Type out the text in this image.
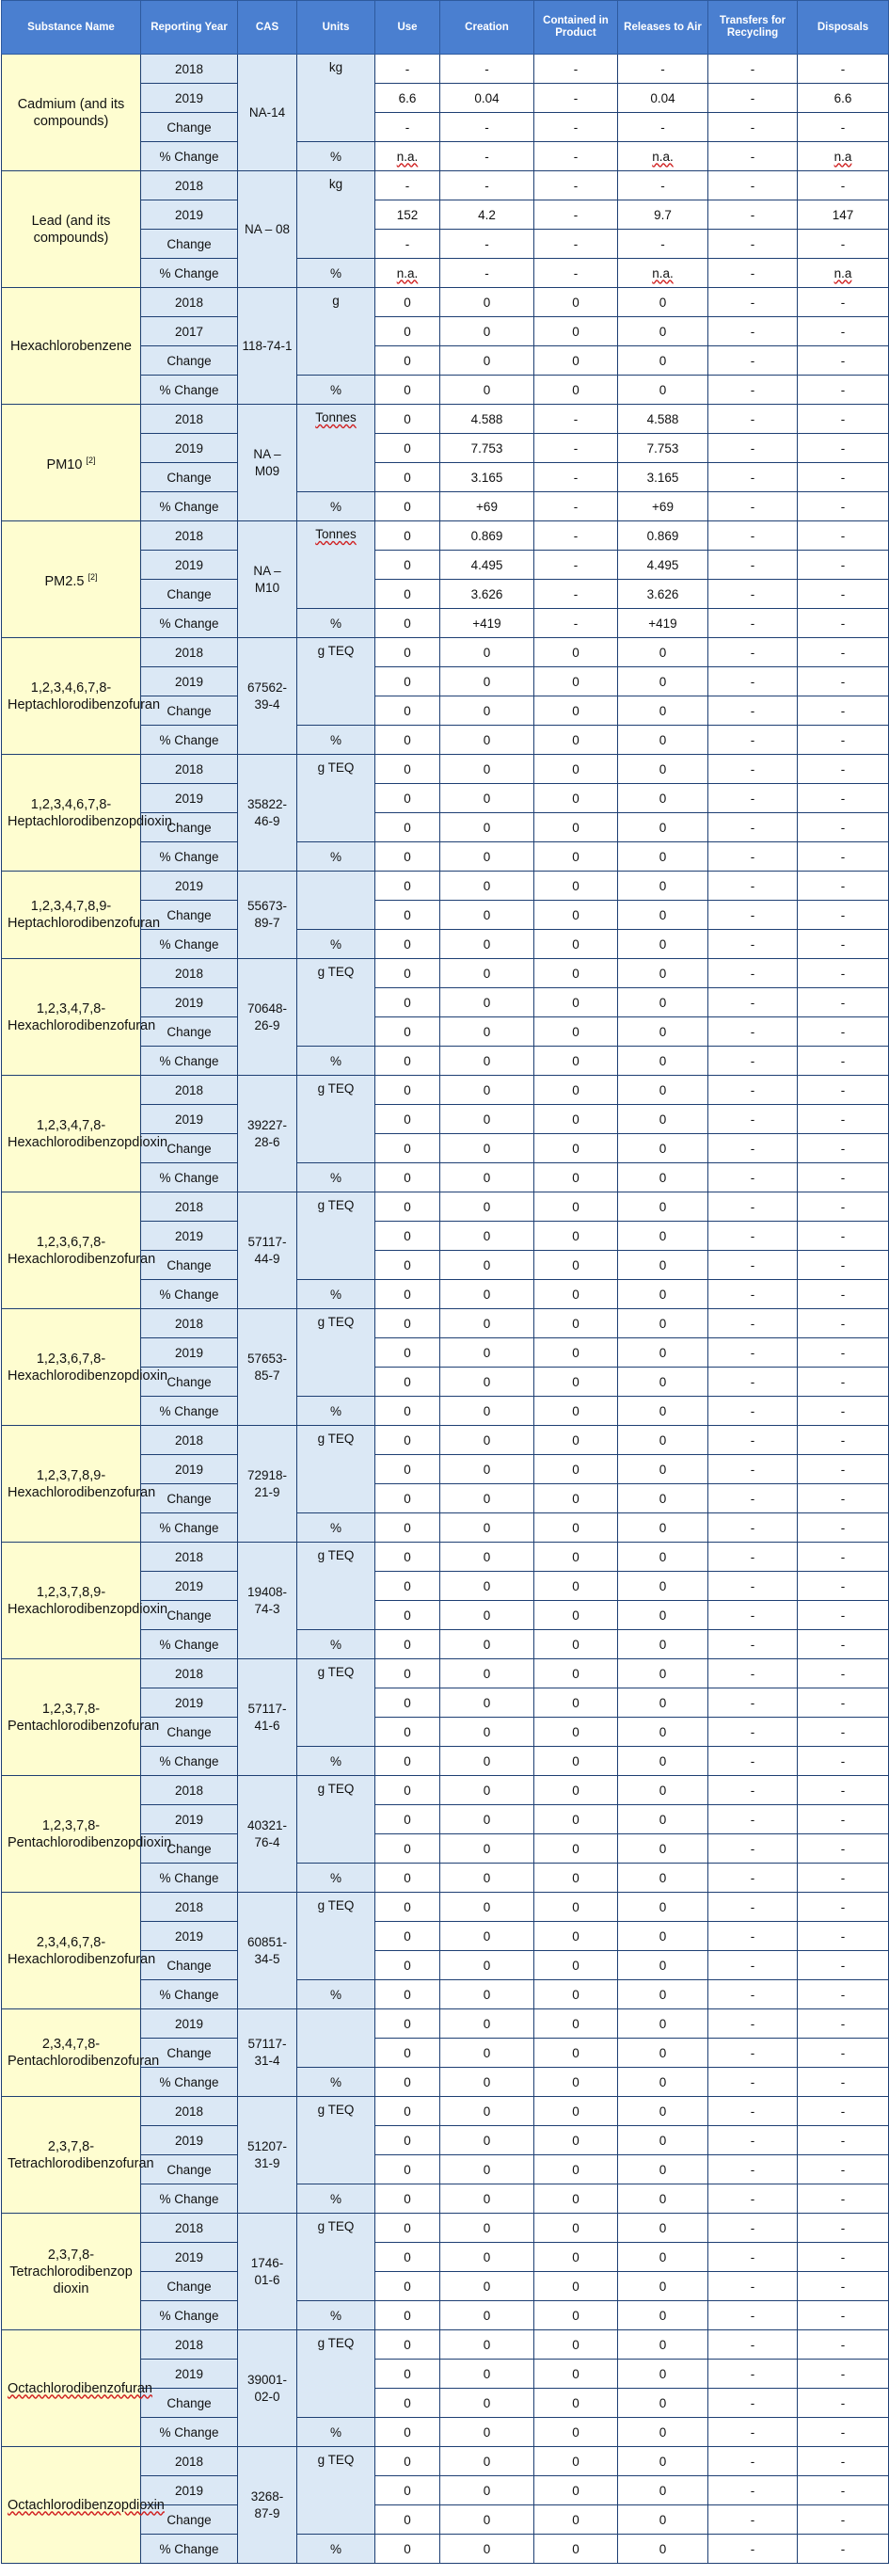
Substance Name	Reporting Year	CAS	Units	Use	Creation	Contained in Product	Releases to Air	Transfers for Recycling	Disposals
Cadmium (and its compounds)	2018	NA-14	kg	-	-	-	-	-	-
	2019			6.6	0.04	-	0.04	-	6.6
	Change			-	-	-	-	-	-
	% Change		%	n.a.	-	-	n.a.	-	n.a
Lead (and its compounds)	2018	NA – 08	kg	-	-	-	-	-	-
	2019			152	4.2	-	9.7	-	147
	Change			-	-	-	-	-	-
	% Change		%	n.a.	-	-	n.a.	-	n.a
Hexachlorobenzene	2018	118-74-1	g	0	0	0	0	-	-
	2017			0	0	0	0	-	-
	Change			0	0	0	0	-	-
	% Change		%	0	0	0	0	-	-
PM10 [2]	2018	NA – M09	Tonnes	0	4.588	-	4.588	-	-
	2019			0	7.753	-	7.753	-	-
	Change			0	3.165	-	3.165	-	-
	% Change		%	0	+69	-	+69	-	-
PM2.5 [2]	2018	NA – M10	Tonnes	0	0.869	-	0.869	-	-
	2019			0	4.495	-	4.495	-	-
	Change			0	3.626	-	3.626	-	-
	% Change		%	0	+419	-	+419	-	-
1,2,3,4,6,7,8-Heptachlorodibenzofuran	2018	67562-39-4	g TEQ	0	0	0	0	-	-
	2019			0	0	0	0	-	-
	Change			0	0	0	0	-	-
	% Change		%	0	0	0	0	-	-
1,2,3,4,6,7,8-Heptachlorodibenzopdioxin	2018	35822-46-9	g TEQ	0	0	0	0	-	-
	2019			0	0	0	0	-	-
	Change			0	0	0	0	-	-
	% Change		%	0	0	0	0	-	-
1,2,3,4,7,8,9-Heptachlorodibenzofuran	2019	55673-89-7		0	0	0	0	-	-
	Change			0	0	0	0	-	-
	% Change		%	0	0	0	0	-	-
1,2,3,4,7,8-Hexachlorodibenzofuran	2018	70648-26-9	g TEQ	0	0	0	0	-	-
	2019			0	0	0	0	-	-
	Change			0	0	0	0	-	-
	% Change		%	0	0	0	0	-	-
1,2,3,4,7,8-Hexachlorodibenzopdioxin	2018	39227-28-6	g TEQ	0	0	0	0	-	-
	2019			0	0	0	0	-	-
	Change			0	0	0	0	-	-
	% Change		%	0	0	0	0	-	-
1,2,3,6,7,8-Hexachlorodibenzofuran	2018	57117-44-9	g TEQ	0	0	0	0	-	-
	2019			0	0	0	0	-	-
	Change			0	0	0	0	-	-
	% Change		%	0	0	0	0	-	-
1,2,3,6,7,8-Hexachlorodibenzopdioxin	2018	57653-85-7	g TEQ	0	0	0	0	-	-
	2019			0	0	0	0	-	-
	Change			0	0	0	0	-	-
	% Change		%	0	0	0	0	-	-
1,2,3,7,8,9-Hexachlorodibenzofuran	2018	72918-21-9	g TEQ	0	0	0	0	-	-
	2019			0	0	0	0	-	-
	Change			0	0	0	0	-	-
	% Change		%	0	0	0	0	-	-
1,2,3,7,8,9-Hexachlorodibenzopdioxin	2018	19408-74-3	g TEQ	0	0	0	0	-	-
	2019			0	0	0	0	-	-
	Change			0	0	0	0	-	-
	% Change		%	0	0	0	0	-	-
1,2,3,7,8-Pentachlorodibenzofuran	2018	57117-41-6	g TEQ	0	0	0	0	-	-
	2019			0	0	0	0	-	-
	Change			0	0	0	0	-	-
	% Change		%	0	0	0	0	-	-
1,2,3,7,8-Pentachlorodibenzopdioxin	2018	40321-76-4	g TEQ	0	0	0	0	-	-
	2019			0	0	0	0	-	-
	Change			0	0	0	0	-	-
	% Change		%	0	0	0	0	-	-
2,3,4,6,7,8-Hexachlorodibenzofuran	2018	60851-34-5	g TEQ	0	0	0	0	-	-
	2019			0	0	0	0	-	-
	Change			0	0	0	0	-	-
	% Change		%	0	0	0	0	-	-
2,3,4,7,8-Pentachlorodibenzofuran	2019	57117-31-4		0	0	0	0	-	-
	Change			0	0	0	0	-	-
	% Change		%	0	0	0	0	-	-
2,3,7,8-Tetrachlorodibenzofuran	2018	51207-31-9	g TEQ	0	0	0	0	-	-
	2019			0	0	0	0	-	-
	Change			0	0	0	0	-	-
	% Change		%	0	0	0	0	-	-
2,3,7,8-Tetrachlorodibenzop dioxin	2018	1746-01-6	g TEQ	0	0	0	0	-	-
	2019			0	0	0	0	-	-
	Change			0	0	0	0	-	-
	% Change		%	0	0	0	0	-	-
Octachlorodibenzofuran	2018	39001-02-0	g TEQ	0	0	0	0	-	-
	2019			0	0	0	0	-	-
	Change			0	0	0	0	-	-
	% Change		%	0	0	0	0	-	-
Octachlorodibenzopdioxin	2018	3268-87-9	g TEQ	0	0	0	0	-	-
	2019			0	0	0	0	-	-
	Change			0	0	0	0	-	-
	% Change		%	0	0	0	0	-	-
